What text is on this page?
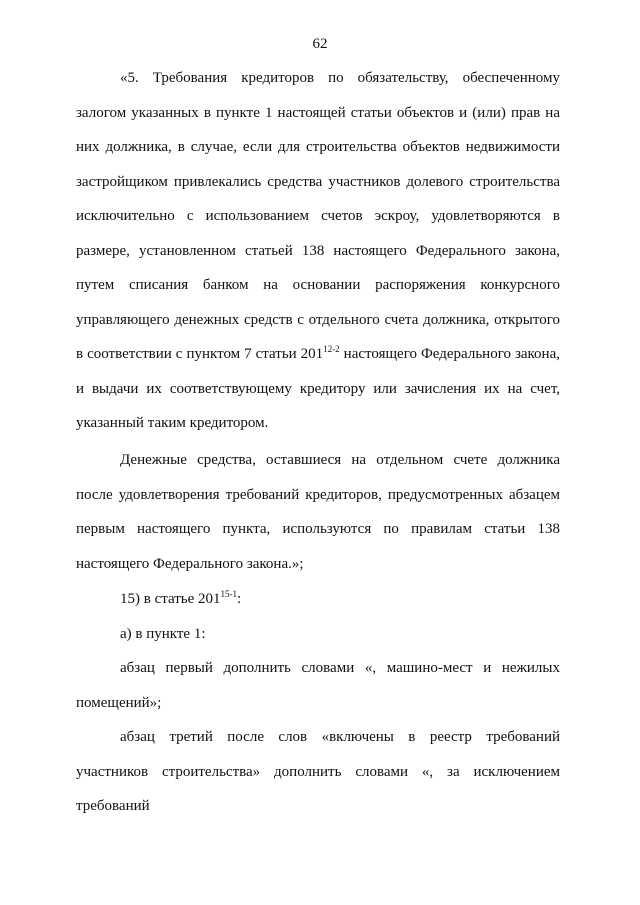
62

«5. Требования кредиторов по обязательству, обеспеченному залогом указанных в пункте 1 настоящей статьи объектов и (или) прав на них должника, в случае, если для строительства объектов недвижимости застройщиком привлекались средства участников долевого строительства исключительно с использованием счетов эскроу, удовлетворяются в размере, установленном статьей 138 настоящего Федерального закона, путем списания банком на основании распоряжения конкурсного управляющего денежных средств с отдельного счета должника, открытого в соответствии с пунктом 7 статьи 201$^{12-2}$ настоящего Федерального закона, и выдачи их соответствующему кредитору или зачисления их на счет, указанный таким кредитором.

Денежные средства, оставшиеся на отдельном счете должника после удовлетворения требований кредиторов, предусмотренных абзацем первым настоящего пункта, используются по правилам статьи 138 настоящего Федерального закона.»;

15) в статье 201$^{15-1}$:

а) в пункте 1:

абзац первый дополнить словами «, машино-мест и нежилых помещений»;

абзац третий после слов «включены в реестр требований участников строительства» дополнить словами «, за исключением требований
